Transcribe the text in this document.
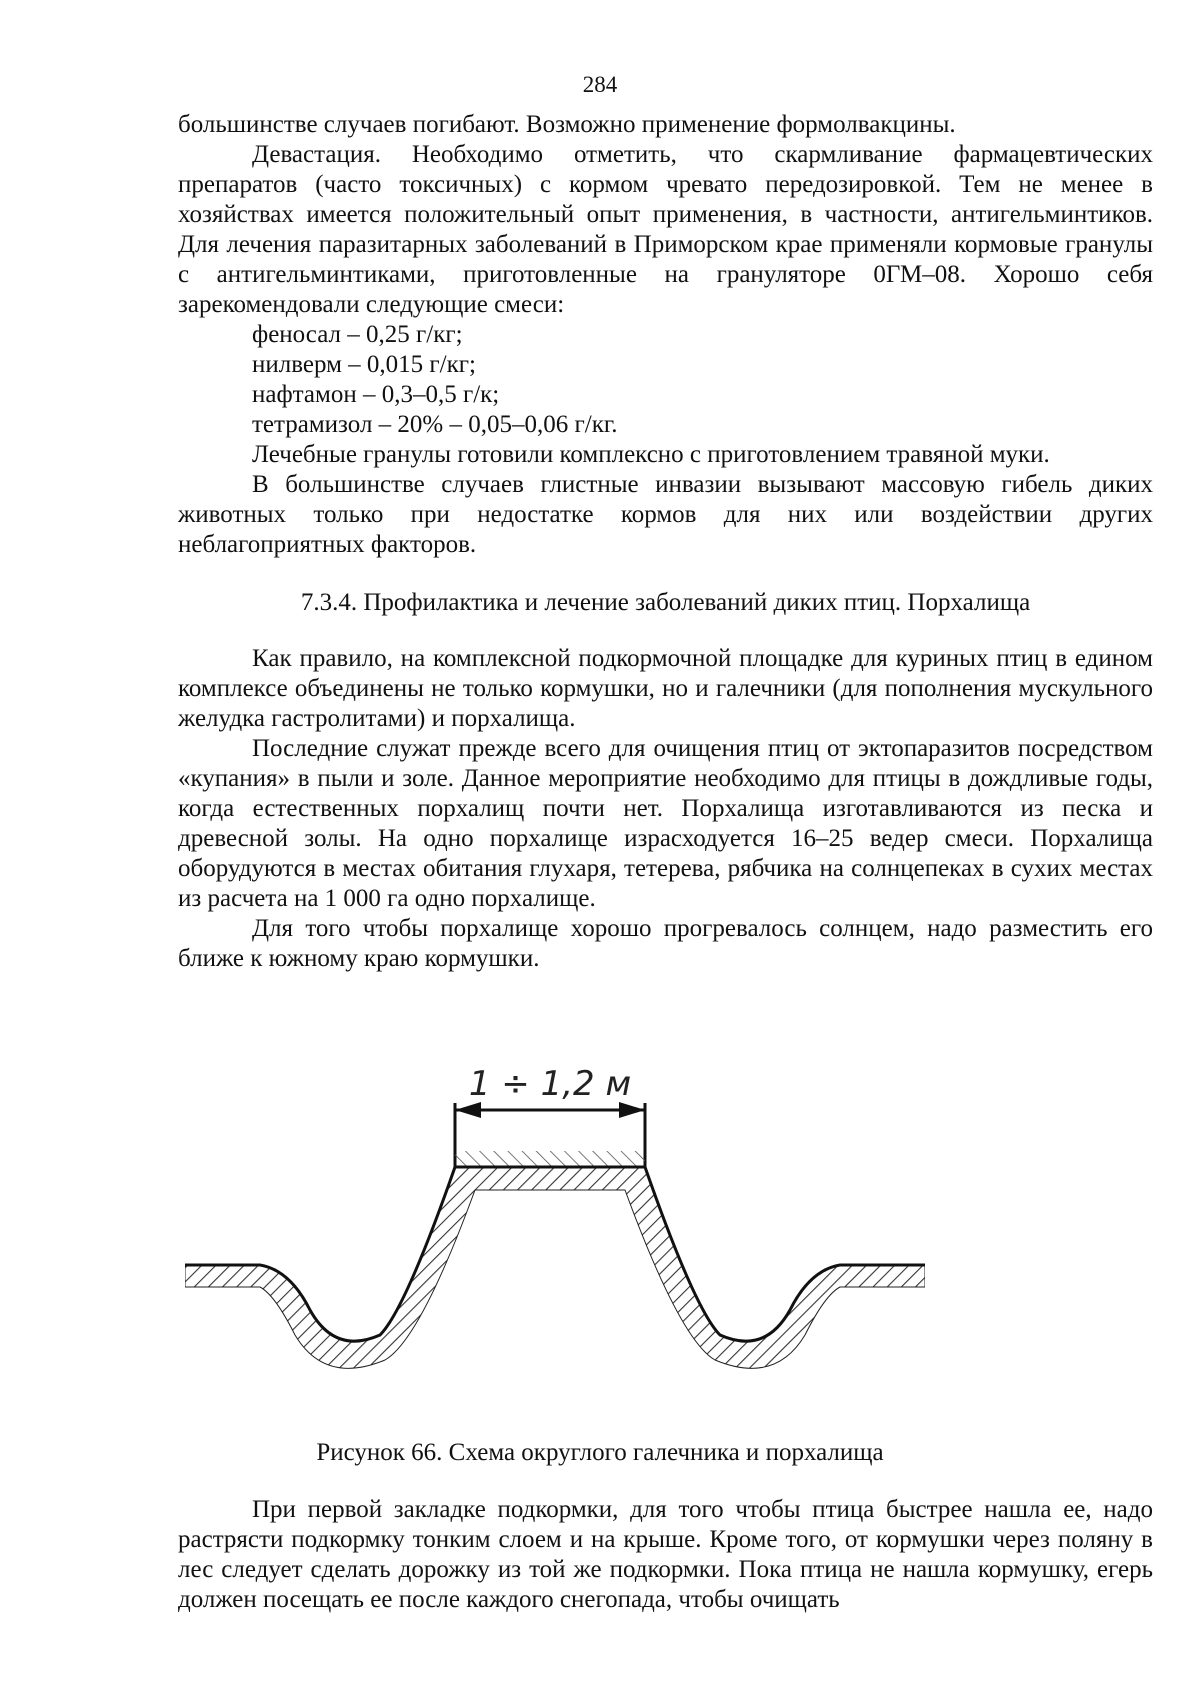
284

большинстве случаев погибают. Возможно применение формолвакцины.

Девастация. Необходимо отметить, что скармливание фармацевтических препаратов (часто токсичных) с кормом чревато передозировкой. Тем не менее в хозяйствах имеется положительный опыт применения, в частности, антигельминтиков. Для лечения паразитарных заболеваний в Приморском крае применяли кормовые гранулы с антигельминтиками, приготовленные на грануляторе 0ГМ–08. Хорошо себя зарекомендовали следующие смеси:

феносал – 0,25 г/кг;

нилверм – 0,015 г/кг;

нафтамон – 0,3–0,5 г/к;

тетрамизол – 20% – 0,05–0,06 г/кг.

Лечебные гранулы готовили комплексно с приготовлением травяной муки.

В большинстве случаев глистные инвазии вызывают массовую гибель диких животных только при недостатке кормов для них или воздействии других неблагоприятных факторов.

7.3.4. Профилактика и лечение заболеваний диких птиц. Порхалища

Как правило, на комплексной подкормочной площадке для куриных птиц в едином комплексе объединены не только кормушки, но и галечники (для пополнения мускульного желудка гастролитами) и порхалища.

Последние служат прежде всего для очищения птиц от эктопаразитов посредством «купания» в пыли и золе. Данное мероприятие необходимо для птицы в дождливые годы, когда естественных порхалищ почти нет. Порхалища изготавливаются из песка и древесной золы. На одно порхалище израсходуется 16–25 ведер смеси. Порхалища оборудуются в местах обитания глухаря, тетерева, рябчика на солнцепеках в сухих местах из расчета на 1 000 га одно порхалище.

Для того чтобы порхалище хорошо прогревалось солнцем, надо разместить его ближе к южному краю кормушки.

1 ÷ 1,2 м
Рисунок 66. Схема округлого галечника и порхалища

При первой закладке подкормки, для того чтобы птица быстрее нашла ее, надо растрясти подкормку тонким слоем и на крыше. Кроме того, от кормушки через поляну в лес следует сделать дорожку из той же подкормки. Пока птица не нашла кормушку, егерь должен посещать ее после каждого снегопада, чтобы очищать
